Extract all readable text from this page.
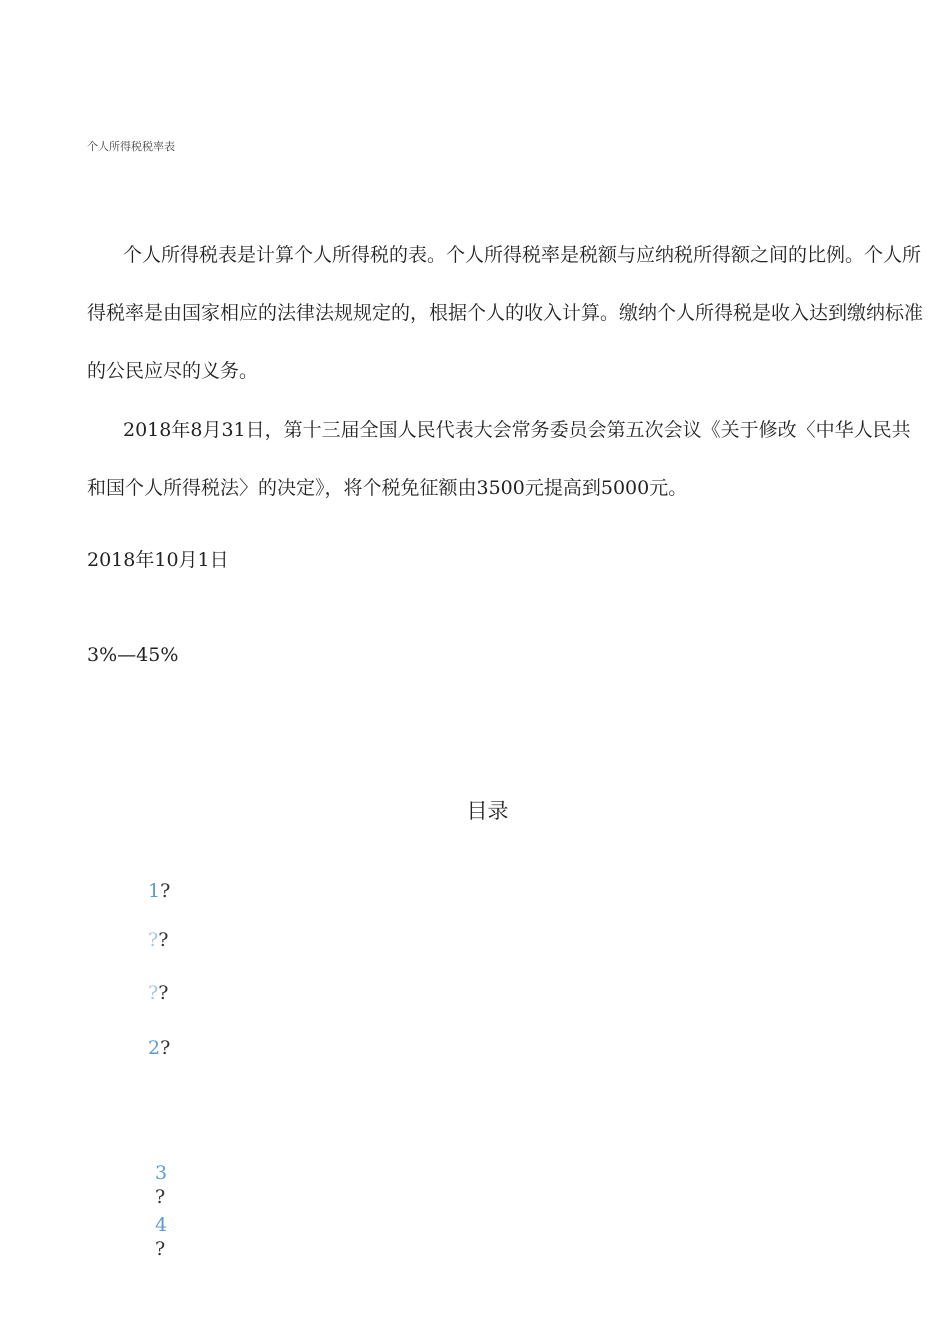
个人所得税税率表
个人所得税表是计算个人所得税的表。个人所得税率是税额与应纳税所得额之间的比例。个人所得税率是由国家相应的法律法规规定的，根据个人的收入计算。缴纳个人所得税是收入达到缴纳标准的公民应尽的义务。
2018年8月31日，第十三届全国人民代表大会常务委员会第五次会议《关于修改〈中华人民共和国个人所得税法〉的决定》，将个税免征额由3500元提高到5000元。
2018年10月1日
3%—45%
目录
1?
??
??
2?
3
?
4
?
